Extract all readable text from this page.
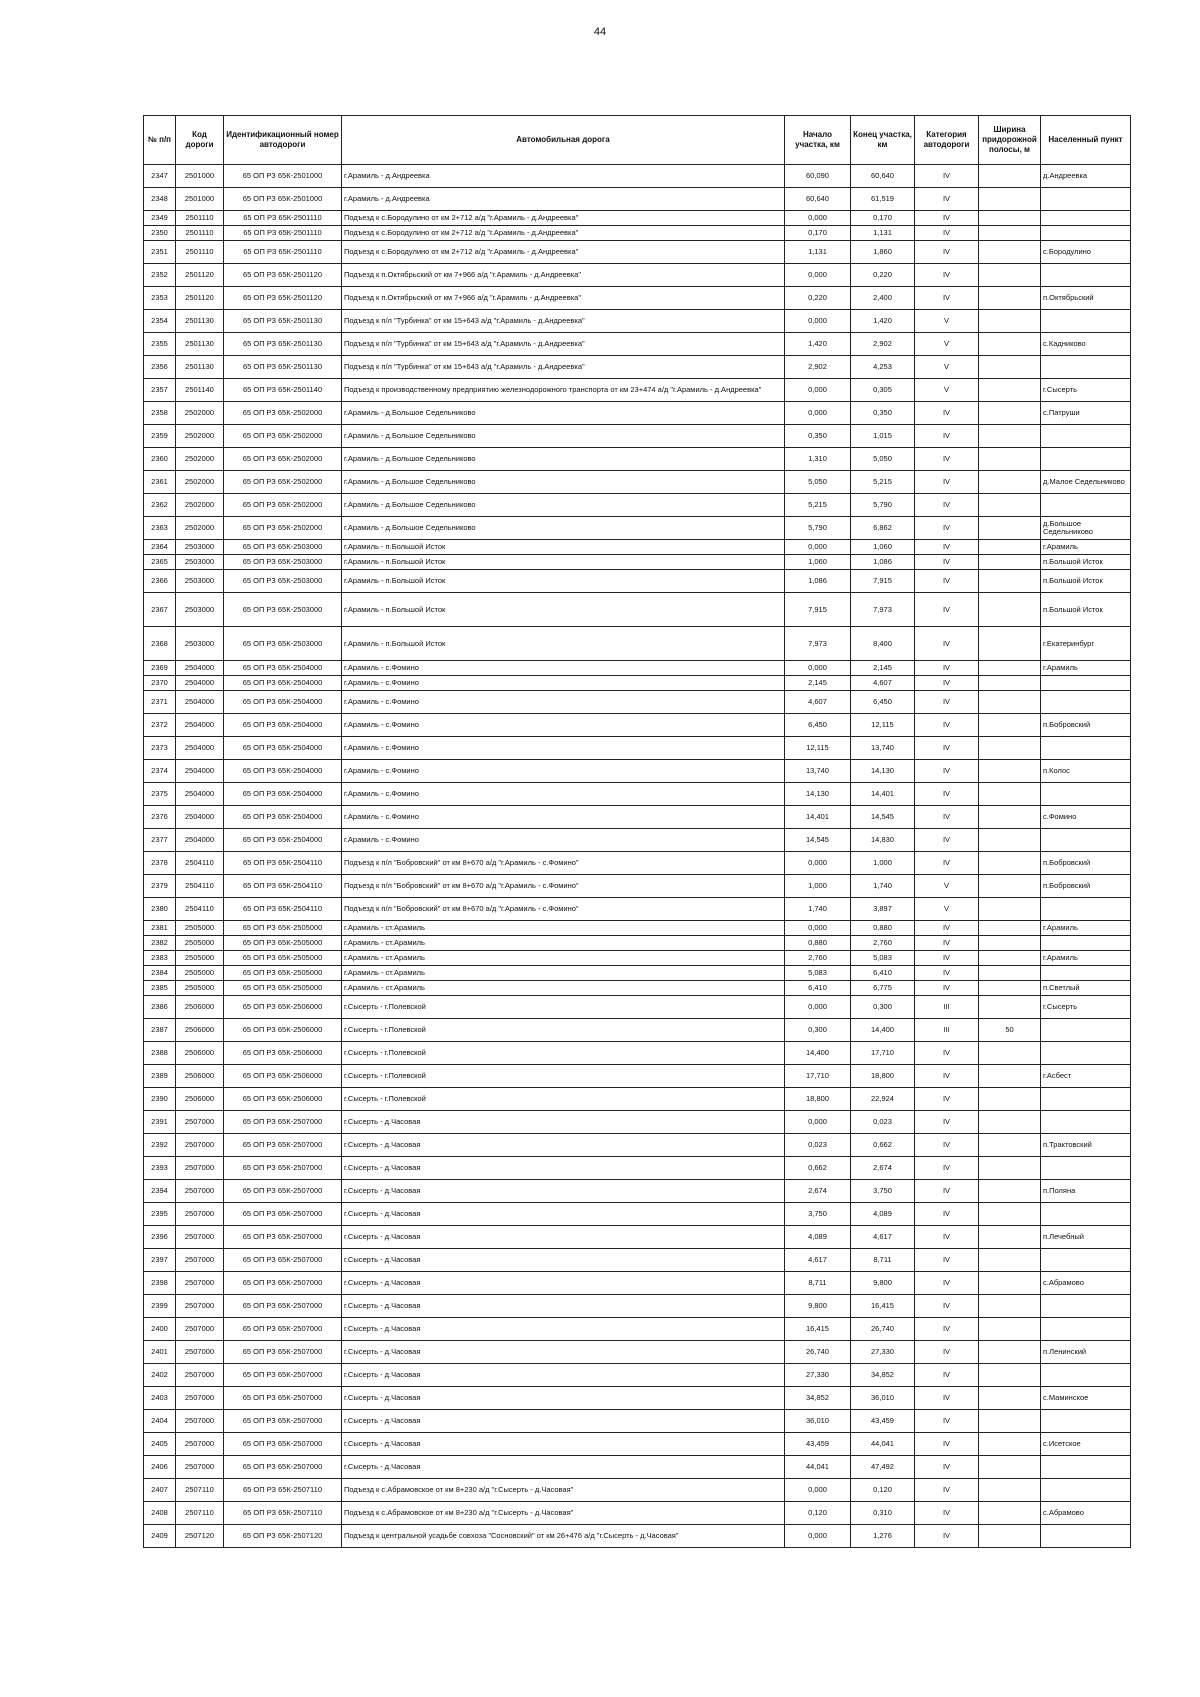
44
№ п/п	Код дороги	Идентификационный номер автодороги	Автомобильная дорога	Начало участка, км	Конец участка, км	Категория автодороги	Ширина придорожной полосы, м	Населенный пункт
2347	2501000	65 ОП РЗ 65К-2501000	г.Арамиль - д.Андреевка	60,090	60,640	IV		д.Андреевка
2348	2501000	65 ОП РЗ 65К-2501000	г.Арамиль - д.Андреевка	60,640	61,519	IV		
2349	2501110	65 ОП РЗ 65К-2501110	Подъезд к с.Бородулино от км 2+712 а/д "г.Арамиль - д.Андреевка"	0,000	0,170	IV		
2350	2501110	65 ОП РЗ 65К-2501110	Подъезд к с.Бородулино от км 2+712 а/д "г.Арамиль - д.Андреевка"	0,170	1,131	IV		
2351	2501110	65 ОП РЗ 65К-2501110	Подъезд к с.Бородулино от км 2+712 а/д "г.Арамиль - д.Андреевка"	1,131	1,860	IV		с.Бородулино
2352	2501120	65 ОП РЗ 65К-2501120	Подъезд к п.Октябрьский от км 7+966 а/д "г.Арамиль - д.Андреевка"	0,000	0,220	IV		
2353	2501120	65 ОП РЗ 65К-2501120	Подъезд к п.Октябрьский от км 7+966 а/д "г.Арамиль - д.Андреевка"	0,220	2,400	IV		п.Октябрьский
2354	2501130	65 ОП РЗ 65К-2501130	Подъезд к п/л "Турбинка" от км 15+643 а/д "г.Арамиль - д.Андреевка"	0,000	1,420	V		
2355	2501130	65 ОП РЗ 65К-2501130	Подъезд к п/л "Турбинка" от км 15+643 а/д "г.Арамиль - д.Андреевка"	1,420	2,902	V		с.Кадниково
2356	2501130	65 ОП РЗ 65К-2501130	Подъезд к п/л "Турбинка" от км 15+643 а/д "г.Арамиль - д.Андреевка"	2,902	4,253	V		
2357	2501140	65 ОП РЗ 65К-2501140	Подъезд к производственному предприятию железнодорожного транспорта от км 23+474 а/д "г.Арамиль - д.Андреевка"	0,000	0,305	V		г.Сысерть
2358	2502000	65 ОП РЗ 65К-2502000	г.Арамиль - д.Большое Седельниково	0,000	0,350	IV		с.Патруши
2359	2502000	65 ОП РЗ 65К-2502000	г.Арамиль - д.Большое Седельниково	0,350	1,015	IV		
2360	2502000	65 ОП РЗ 65К-2502000	г.Арамиль - д.Большое Седельниково	1,310	5,050	IV		
2361	2502000	65 ОП РЗ 65К-2502000	г.Арамиль - д.Большое Седельниково	5,050	5,215	IV		д.Малое Седельниково
2362	2502000	65 ОП РЗ 65К-2502000	г.Арамиль - д.Большое Седельниково	5,215	5,790	IV		
2363	2502000	65 ОП РЗ 65К-2502000	г.Арамиль - д.Большое Седельниково	5,790	6,862	IV		д.Большое Седельниково
2364	2503000	65 ОП РЗ 65К-2503000	г.Арамиль - п.Большой Исток	0,000	1,060	IV		г.Арамиль
2365	2503000	65 ОП РЗ 65К-2503000	г.Арамиль - п.Большой Исток	1,060	1,086	IV		п.Большой Исток
2366	2503000	65 ОП РЗ 65К-2503000	г.Арамиль - п.Большой Исток	1,086	7,915	IV		п.Большой Исток
2367	2503000	65 ОП РЗ 65К-2503000	г.Арамиль - п.Большой Исток	7,915	7,973	IV		п.Большой Исток
2368	2503000	65 ОП РЗ 65К-2503000	г.Арамиль - п.Большой Исток	7,973	8,400	IV		г.Екатеринбург
2369	2504000	65 ОП РЗ 65К-2504000	г.Арамиль - с.Фомино	0,000	2,145	IV		г.Арамиль
2370	2504000	65 ОП РЗ 65К-2504000	г.Арамиль - с.Фомино	2,145	4,607	IV		
2371	2504000	65 ОП РЗ 65К-2504000	г.Арамиль - с.Фомино	4,607	6,450	IV		
2372	2504000	65 ОП РЗ 65К-2504000	г.Арамиль - с.Фомино	6,450	12,115	IV		п.Бобровский
2373	2504000	65 ОП РЗ 65К-2504000	г.Арамиль - с.Фомино	12,115	13,740	IV		
2374	2504000	65 ОП РЗ 65К-2504000	г.Арамиль - с.Фомино	13,740	14,130	IV		п.Колос
2375	2504000	65 ОП РЗ 65К-2504000	г.Арамиль - с.Фомино	14,130	14,401	IV		
2376	2504000	65 ОП РЗ 65К-2504000	г.Арамиль - с.Фомино	14,401	14,545	IV		с.Фомино
2377	2504000	65 ОП РЗ 65К-2504000	г.Арамиль - с.Фомино	14,545	14,830	IV		
2378	2504110	65 ОП РЗ 65К-2504110	Подъезд к п/л "Бобровский" от км 8+670 а/д "г.Арамиль - с.Фомино"	0,000	1,000	IV		п.Бобровский
2379	2504110	65 ОП РЗ 65К-2504110	Подъезд к п/л "Бобровский" от км 8+670 а/д "г.Арамиль - с.Фомино"	1,000	1,740	V		п.Бобровский
2380	2504110	65 ОП РЗ 65К-2504110	Подъезд к п/л "Бобровский" от км 8+670 а/д "г.Арамиль - с.Фомино"	1,740	3,897	V		
2381	2505000	65 ОП РЗ 65К-2505000	г.Арамиль - ст.Арамиль	0,000	0,880	IV		г.Арамиль
2382	2505000	65 ОП РЗ 65К-2505000	г.Арамиль - ст.Арамиль	0,880	2,760	IV		
2383	2505000	65 ОП РЗ 65К-2505000	г.Арамиль - ст.Арамиль	2,760	5,083	IV		г.Арамиль
2384	2505000	65 ОП РЗ 65К-2505000	г.Арамиль - ст.Арамиль	5,083	6,410	IV		
2385	2505000	65 ОП РЗ 65К-2505000	г.Арамиль - ст.Арамиль	6,410	6,775	IV		п.Светлый
2386	2506000	65 ОП РЗ 65К-2506000	г.Сысерть - г.Полевской	0,000	0,300	III		г.Сысерть
2387	2506000	65 ОП РЗ 65К-2506000	г.Сысерть - г.Полевской	0,300	14,400	III	50	
2388	2506000	65 ОП РЗ 65К-2506000	г.Сысерть - г.Полевской	14,400	17,710	IV		
2389	2506000	65 ОП РЗ 65К-2506000	г.Сысерть - г.Полевской	17,710	18,800	IV		г.Асбест
2390	2506000	65 ОП РЗ 65К-2506000	г.Сысерть - г.Полевской	18,800	22,924	IV		
2391	2507000	65 ОП РЗ 65К-2507000	г.Сысерть - д.Часовая	0,000	0,023	IV		
2392	2507000	65 ОП РЗ 65К-2507000	г.Сысерть - д.Часовая	0,023	0,662	IV		п.Трактовский
2393	2507000	65 ОП РЗ 65К-2507000	г.Сысерть - д.Часовая	0,662	2,674	IV		
2394	2507000	65 ОП РЗ 65К-2507000	г.Сысерть - д.Часовая	2,674	3,750	IV		п.Поляна
2395	2507000	65 ОП РЗ 65К-2507000	г.Сысерть - д.Часовая	3,750	4,089	IV		
2396	2507000	65 ОП РЗ 65К-2507000	г.Сысерть - д.Часовая	4,089	4,617	IV		п.Лечебный
2397	2507000	65 ОП РЗ 65К-2507000	г.Сысерть - д.Часовая	4,617	8,711	IV		
2398	2507000	65 ОП РЗ 65К-2507000	г.Сысерть - д.Часовая	8,711	9,800	IV		с.Абрамово
2399	2507000	65 ОП РЗ 65К-2507000	г.Сысерть - д.Часовая	9,800	16,415	IV		
2400	2507000	65 ОП РЗ 65К-2507000	г.Сысерть - д.Часовая	16,415	26,740	IV		
2401	2507000	65 ОП РЗ 65К-2507000	г.Сысерть - д.Часовая	26,740	27,330	IV		п.Ленинский
2402	2507000	65 ОП РЗ 65К-2507000	г.Сысерть - д.Часовая	27,330	34,852	IV		
2403	2507000	65 ОП РЗ 65К-2507000	г.Сысерть - д.Часовая	34,852	36,010	IV		с.Маминское
2404	2507000	65 ОП РЗ 65К-2507000	г.Сысерть - д.Часовая	36,010	43,459	IV		
2405	2507000	65 ОП РЗ 65К-2507000	г.Сысерть - д.Часовая	43,459	44,041	IV		с.Исетское
2406	2507000	65 ОП РЗ 65К-2507000	г.Сысерть - д.Часовая	44,041	47,492	IV		
2407	2507110	65 ОП РЗ 65К-2507110	Подъезд к с.Абрамовское от км 8+230 а/д "г.Сысерть - д.Часовая"	0,000	0,120	IV		
2408	2507110	65 ОП РЗ 65К-2507110	Подъезд к с.Абрамовское от км 8+230 а/д "г.Сысерть - д.Часовая"	0,120	0,310	IV		с.Абрамово
2409	2507120	65 ОП РЗ 65К-2507120	Подъезд к центральной усадьбе совхоза "Сосновский" от км 26+476 а/д "г.Сысерть - д.Часовая"	0,000	1,276	IV		
